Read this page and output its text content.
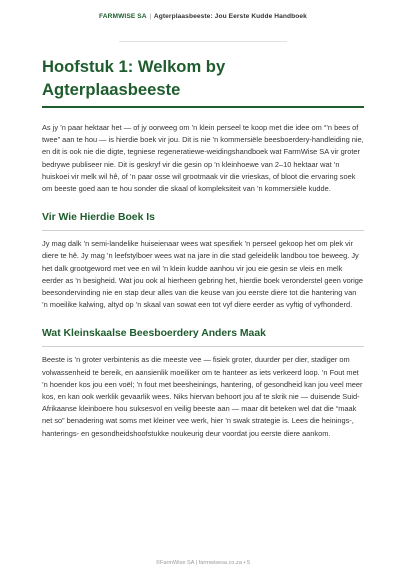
FARMWISE SA | Agterplaasbeeste: Jou Eerste Kudde Handboek
Hoofstuk 1: Welkom by Agterplaasbeeste

As jy ’n paar hektaar het — of jy oorweeg om ’n klein perseel te koop met die idee om “’n bees of twee” aan te hou — is hierdie boek vir jou. Dit is nie ’n kommersiële beesboerdery-handleiding nie, en dit is ook nie die digte, tegniese regeneratiewe-weidingshandboek wat FarmWise SA vir groter bedrywe publiseer nie. Dit is geskryf vir die gesin op ’n kleinhoewe van 2–10 hektaar wat ’n huiskoei vir melk wil hê, of ’n paar osse wil grootmaak vir die vrieskas, of bloot die ervaring soek om beeste goed aan te hou sonder die skaal of kompleksiteit van ’n kommersiële kudde.

Vir Wie Hierdie Boek Is

Jy mag dalk ’n semi-landelike huiseienaar wees wat spesifiek ’n perseel gekoop het om plek vir diere te hê. Jy mag ’n leefstylboer wees wat na jare in die stad geleidelik landbou toe beweeg. Jy het dalk grootgeword met vee en wil ’n klein kudde aanhou vir jou eie gesin se vleis en melk eerder as ’n besigheid. Wat jou ook al hierheen gebring het, hierdie boek veronderstel geen vorige beesondervinding nie en stap deur alles van die keuse van jou eerste diere tot die hantering van ’n moeilike kalwing, altyd op ’n skaal van sowat een tot vyf diere eerder as vyftig of vyfhonderd.

Wat Kleinskaalse Beesboerdery Anders Maak

Beeste is ’n groter verbintenis as die meeste vee — fisiek groter, duurder per dier, stadiger om volwassenheid te bereik, en aansienlik moeiliker om te hanteer as iets verkeerd loop. ’n Fout met ’n hoender kos jou een voël; ’n fout met beesheinings, hantering, of gesondheid kan jou veel meer kos, en kan ook werklik gevaarlik wees. Niks hiervan behoort jou af te skrik nie — duisende Suid-Afrikaanse kleinboere hou suksesvol en veilig beeste aan — maar dit beteken wel dat die “maak net so” benadering wat soms met kleiner vee werk, hier ’n swak strategie is. Lees die heinings-, hanterings- en gesondheidshoofstukke noukeurig deur voordat jou eerste diere aankom.

©FarmWise SA | farmwisesa.co.za • 5
